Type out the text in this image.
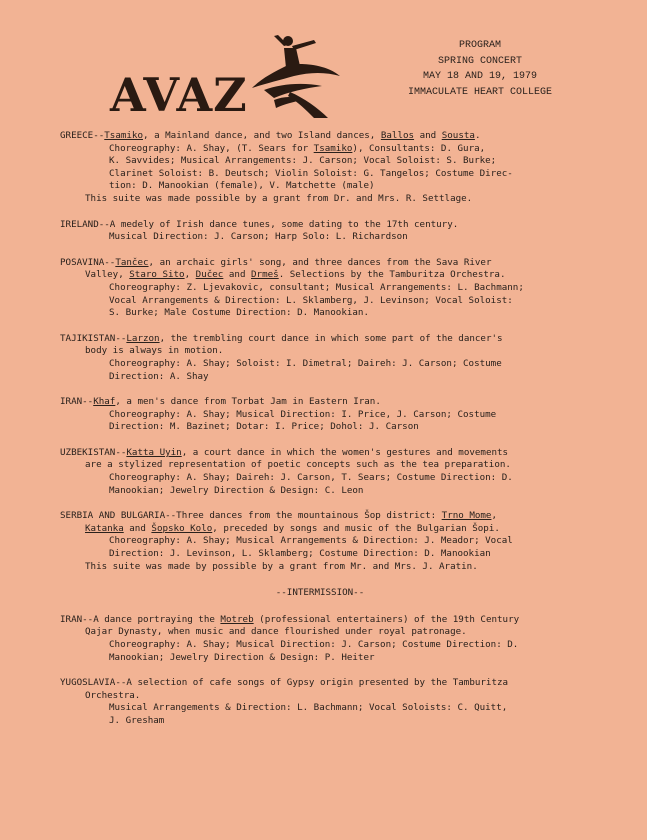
AVAZ
PROGRAM
SPRING CONCERT
MAY 18 AND 19, 1979
IMMACULATE HEART COLLEGE

GREECE--Tsamiko, a Mainland dance, and two Island dances, Ballos and Sousta.

Choreography: A. Shay, (T. Sears for Tsamiko), Consultants: D. Gura,

K. Savvides; Musical Arrangements: J. Carson; Vocal Soloist: S. Burke;

Clarinet Soloist: B. Deutsch; Violin Soloist: G. Tangelos; Costume Direc-

tion: D. Manookian (female), V. Matchette (male)

This suite was made possible by a grant from Dr. and Mrs. R. Settlage.

IRELAND--A medely of Irish dance tunes, some dating to the 17th century.

Musical Direction: J. Carson; Harp Solo: L. Richardson

POSAVINA--Tančec, an archaic girls' song, and three dances from the Sava River

Valley, Staro Sito, Dučec and Drmeš. Selections by the Tamburitza Orchestra.

Choreography: Z. Ljevakovic, consultant; Musical Arrangements: L. Bachmann;

Vocal Arrangements & Direction: L. Sklamberg, J. Levinson; Vocal Soloist:

S. Burke; Male Costume Direction: D. Manookian.

TAJIKISTAN--Larzon, the trembling court dance in which some part of the dancer's

body is always in motion.

Choreography: A. Shay; Soloist: I. Dimetral; Daireh: J. Carson; Costume

Direction: A. Shay

IRAN--Khaf, a men's dance from Torbat Jam in Eastern Iran.

Choreography: A. Shay; Musical Direction: I. Price, J. Carson; Costume

Direction: M. Bazinet; Dotar: I. Price; Dohol: J. Carson

UZBEKISTAN--Katta Uyin, a court dance in which the women's gestures and movements

are a stylized representation of poetic concepts such as the tea preparation.

Choreography: A. Shay; Daireh: J. Carson, T. Sears; Costume Direction: D.

Manookian; Jewelry Direction & Design: C. Leon

SERBIA AND BULGARIA--Three dances from the mountainous Šop district: Trno Mome,

Katanka and Šopsko Kolo, preceded by songs and music of the Bulgarian Šopi.

Choreography: A. Shay; Musical Arrangements & Direction: J. Meador; Vocal

Direction: J. Levinson, L. Sklamberg; Costume Direction: D. Manookian

This suite was made by possible by a grant from Mr. and Mrs. J. Aratin.

--INTERMISSION--

IRAN--A dance portraying the Motreb (professional entertainers) of the 19th Century

Qajar Dynasty, when music and dance flourished under royal patronage.

Choreography: A. Shay; Musical Direction: J. Carson; Costume Direction: D.

Manookian; Jewelry Direction & Design: P. Heiter

YUGOSLAVIA--A selection of cafe songs of Gypsy origin presented by the Tamburitza

Orchestra.

Musical Arrangements & Direction: L. Bachmann; Vocal Soloists: C. Quitt,

J. Gresham
